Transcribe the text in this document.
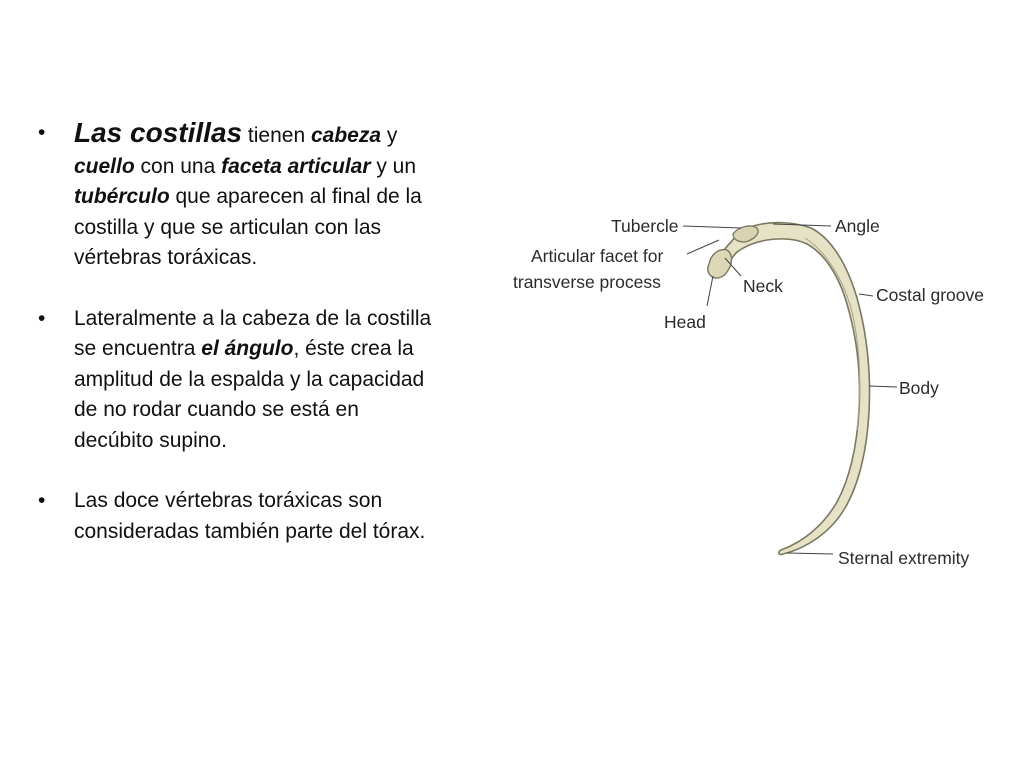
• Las costillas tienen cabeza y cuello con una faceta articular y un tubérculo que aparecen al final de la costilla y que se articulan con las vértebras toráxicas.
• Lateralmente a la cabeza de la costilla se encuentra el ángulo, éste crea la amplitud de la espalda y la capacidad de no rodar cuando se está en decúbito supino.
• Las doce vértebras toráxicas son consideradas también parte del tórax.
Tubercle	Angle
Articular facet for
transverse process	Neck	Costal groove
Head
Body
Sternal extremity
